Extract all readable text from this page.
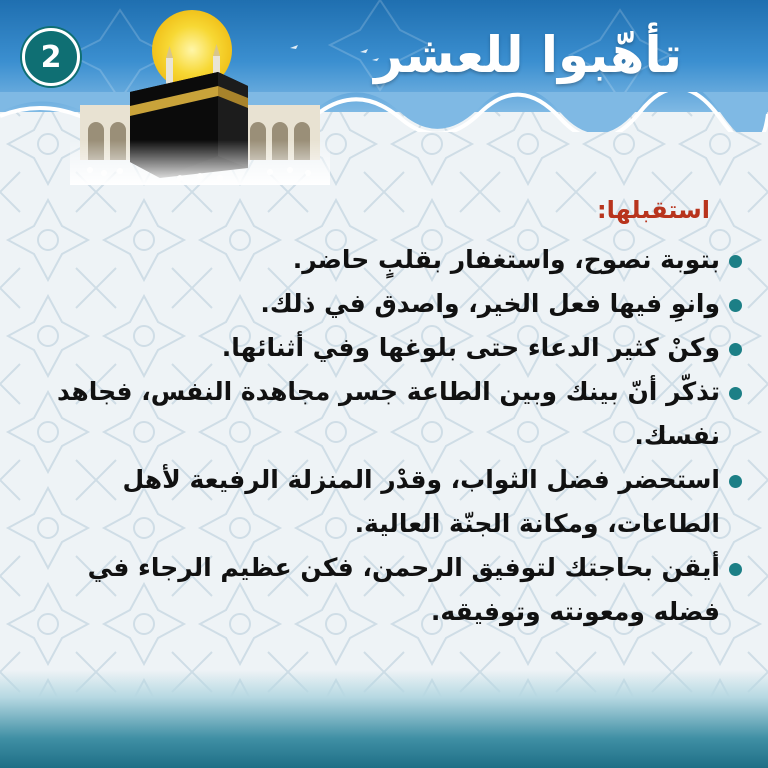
2	تأهّبوا للعشر
استقبلها:
بتوبة نصوح، واستغفار بقلبٍ حاضر.
وانوِ فيها فعل الخير، واصدق في ذلك.
وكنْ كثير الدعاء حتى بلوغها وفي أثنائها.
تذكّر أنّ بينك وبين الطاعة جسر مجاهدة النفس، فجاهد نفسك.
استحضر فضل الثواب، وقدْر المنزلة الرفيعة لأهل الطاعات، ومكانة الجنّة العالية.
أيقن بحاجتك لتوفيق الرحمن، فكن عظيم الرجاء في فضله ومعونته وتوفيقه.
